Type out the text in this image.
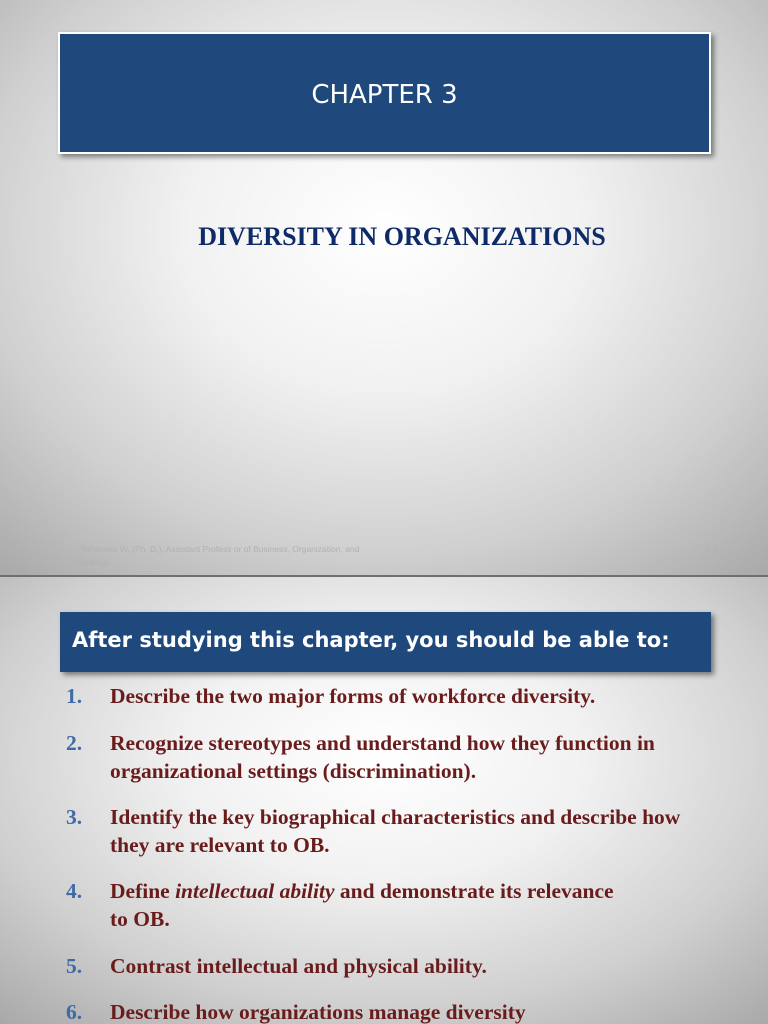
CHAPTER 3
DIVERSITY IN ORGANIZATIONS
Yohannes W. (Ph. D.), Assistant Profess or of Business, Organization, and

Strategy
2-1
After studying this chapter, you should be able to:
1. Describe the two major forms of workforce diversity.
2. Recognize stereotypes and understand how they function in organizational settings (discrimination).
3. Identify the key biographical characteristics and describe how they are relevant to OB.
4. Define intellectual ability and demonstrate its relevance to OB.
5. Contrast intellectual and physical ability.
6. Describe how organizations manage diversity
